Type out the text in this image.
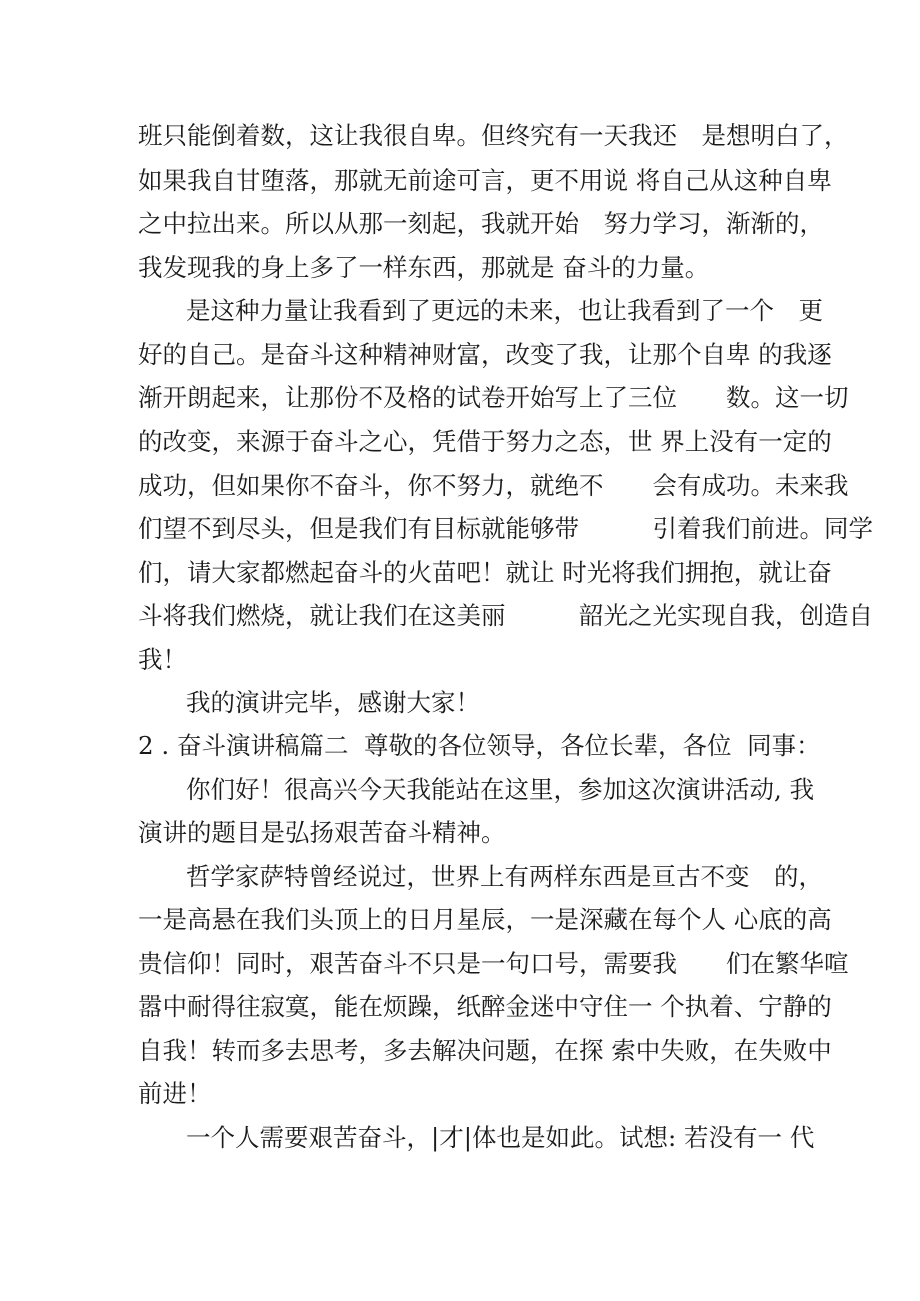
班只能倒着数，这让我很自卑。但终究有一天我还　是想明白了，
如果我自甘堕落，那就无前途可言，更不用说 将自己从这种自卑
之中拉出来。所以从那一刻起，我就开始　努力学习，渐渐的，
我发现我的身上多了一样东西，那就是 奋斗的力量。
是这种力量让我看到了更远的未来，也让我看到了一个　更
好的自己。是奋斗这种精神财富，改变了我，让那个自卑 的我逐
渐开朗起来，让那份不及格的试卷开始写上了三位　　数。这一切
的改变，来源于奋斗之心，凭借于努力之态，世 界上没有一定的
成功，但如果你不奋斗，你不努力，就绝不　　会有成功。未来我
们望不到尽头，但是我们有目标就能够带　　　引着我们前进。同学
们，请大家都燃起奋斗的火苗吧！就让 时光将我们拥抱，就让奋
斗将我们燃烧，就让我们在这美丽　　　韶光之光实现自我，创造自
我！
我的演讲完毕，感谢大家！
2 . 奋斗演讲稿篇二  尊敬的各位领导，各位长辈，各位  同事：
你们好！很高兴今天我能站在这里，参加这次演讲活动, 我
演讲的题目是弘扬艰苦奋斗精神。
哲学家萨特曾经说过，世界上有两样东西是亘古不变　的，
一是高悬在我们头顶上的日月星辰，一是深藏在每个人 心底的高
贵信仰！同时，艰苦奋斗不只是一句口号，需要我　　们在繁华喧
嚣中耐得往寂寞，能在烦躁，纸醉金迷中守住一 个执着、宁静的
自我！转而多去思考，多去解决问题，在探 索中失败，在失败中
前进！
一个人需要艰苦奋斗，|才|体也是如此。试想: 若没有一 代
